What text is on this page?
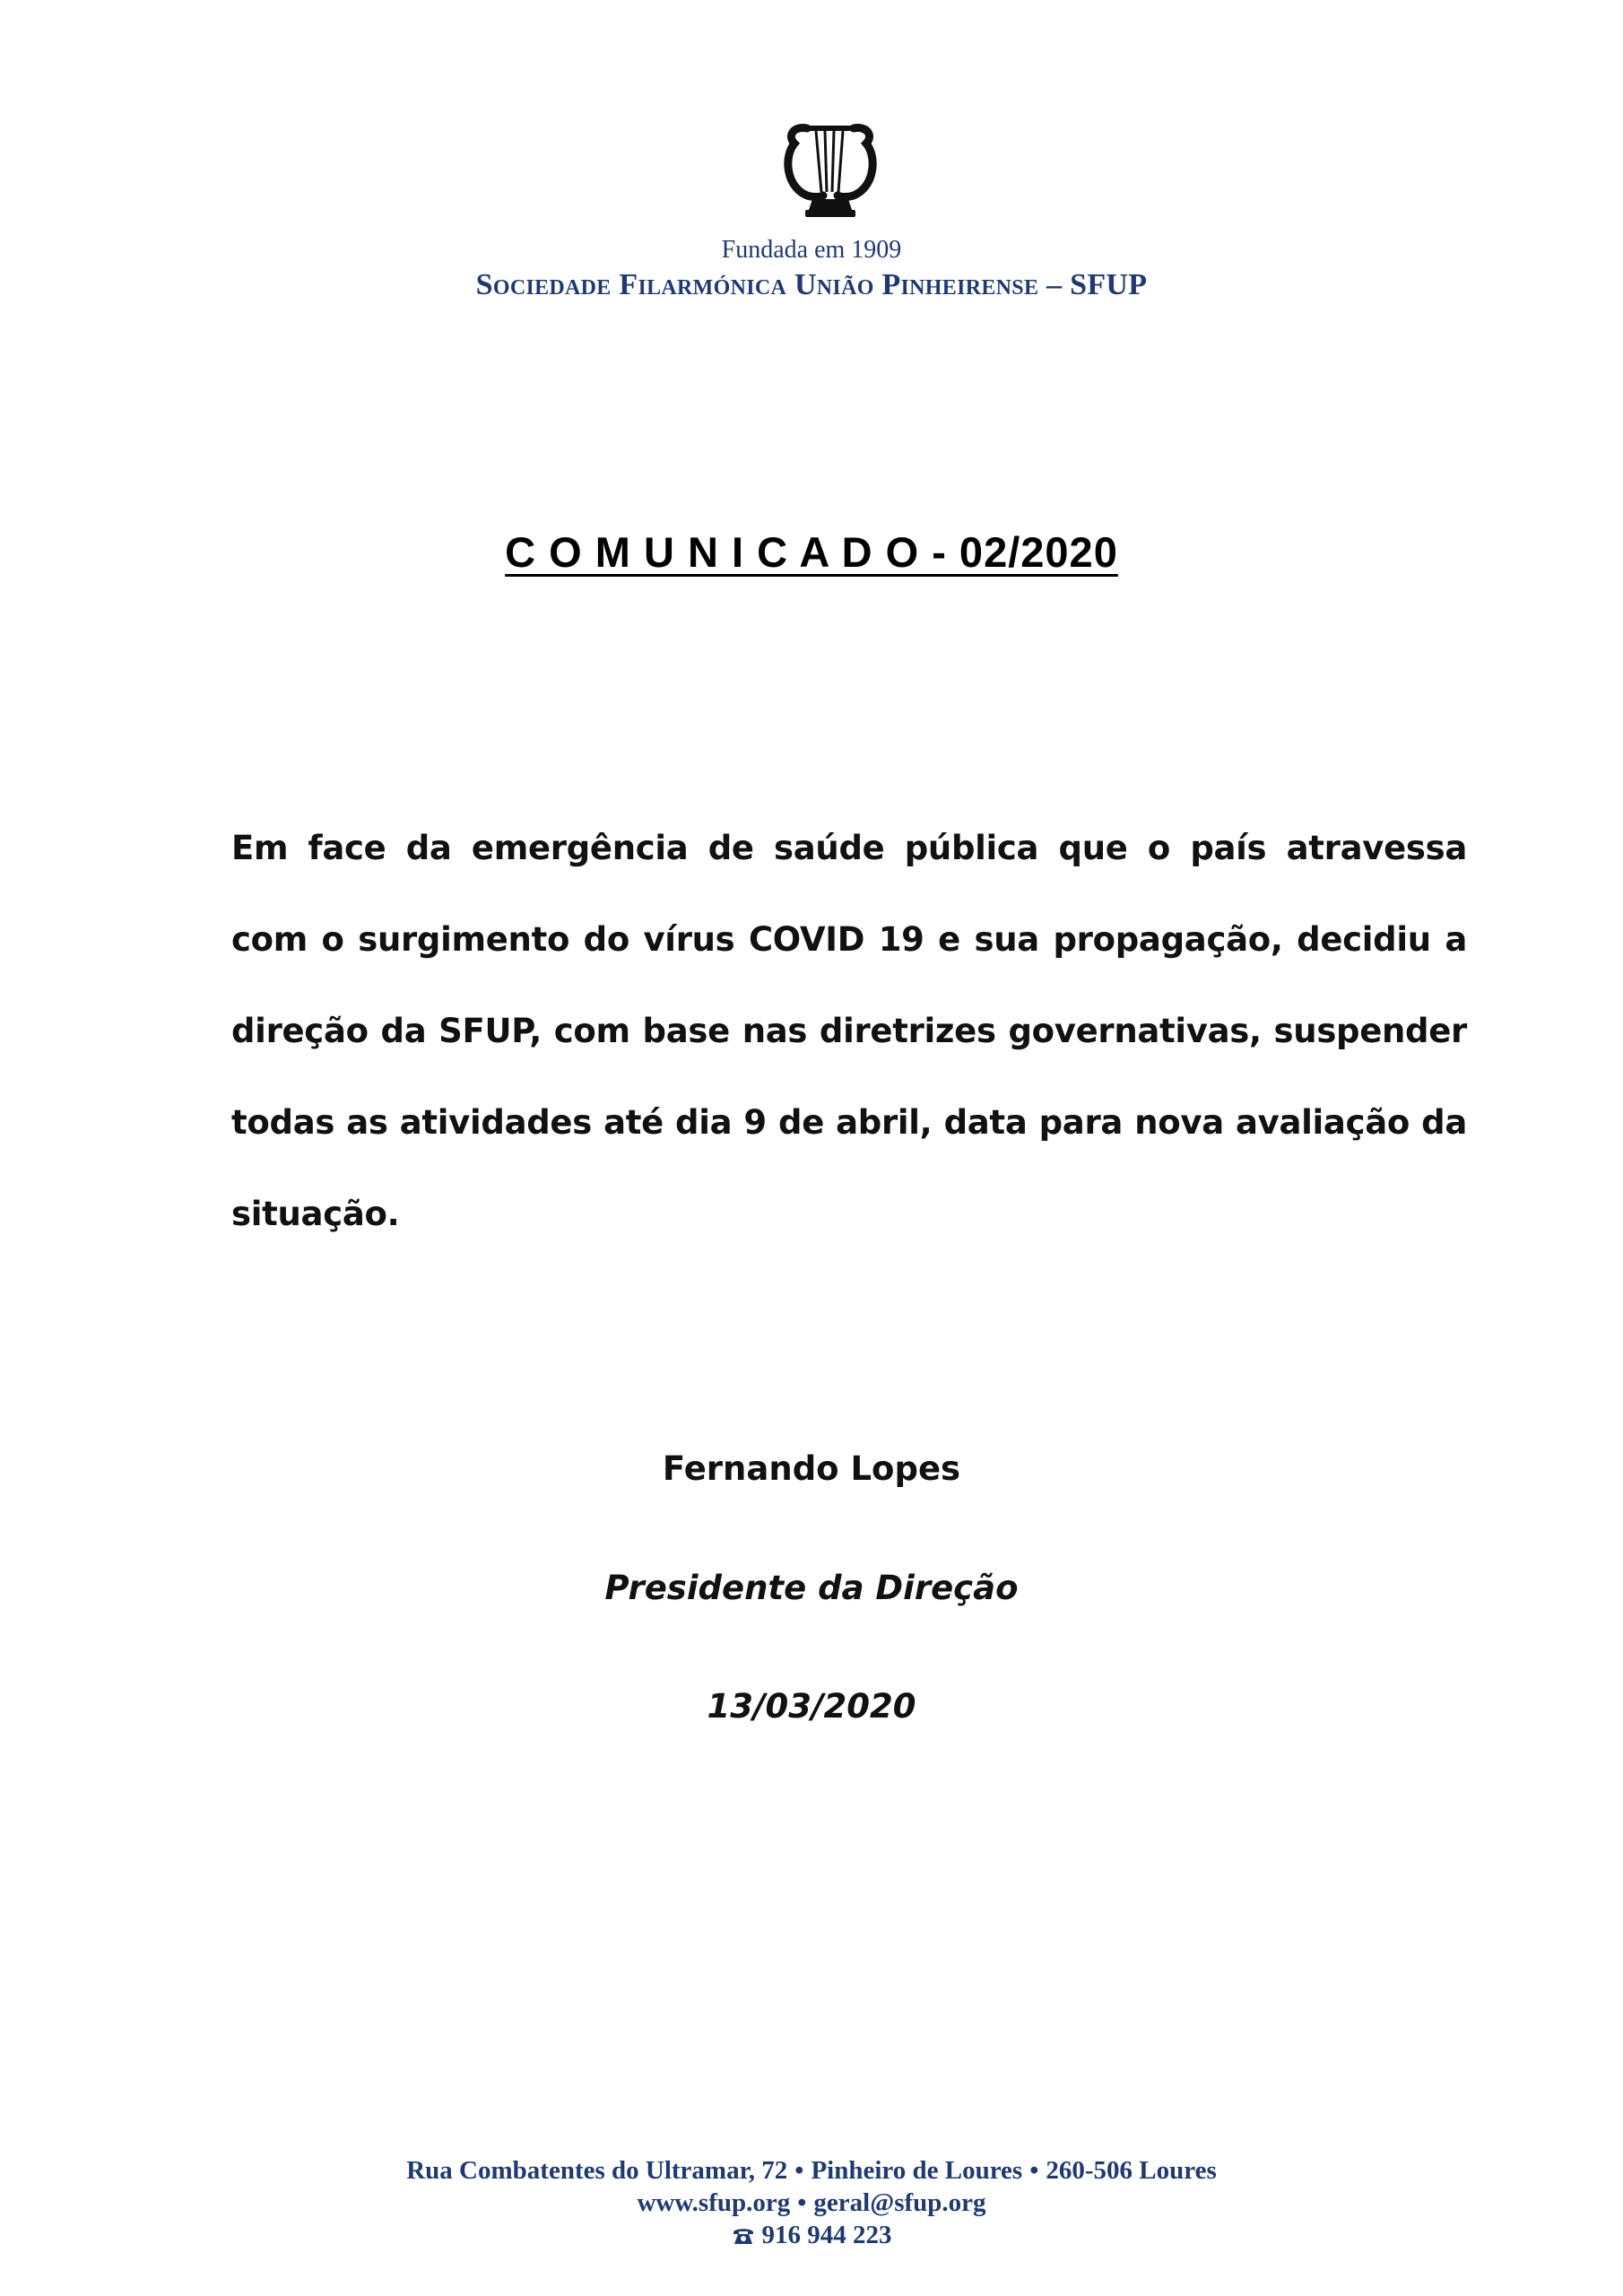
Fundada em 1909
Sociedade Filarmónica União Pinheirense – SFUP
C O M U N I C A D O - 02/2020
Em face da emergência de saúde pública que o país atravessa com o surgimento do vírus COVID 19 e sua propagação, decidiu a direção da SFUP, com base nas diretrizes governativas, suspender todas as atividades até dia 9 de abril, data para nova avaliação da situação.
Fernando Lopes
Presidente da Direção
13/03/2020
Rua Combatentes do Ultramar, 72 • Pinheiro de Loures • 260-506 Loures
www.sfup.org • geral@sfup.org
916 944 223
